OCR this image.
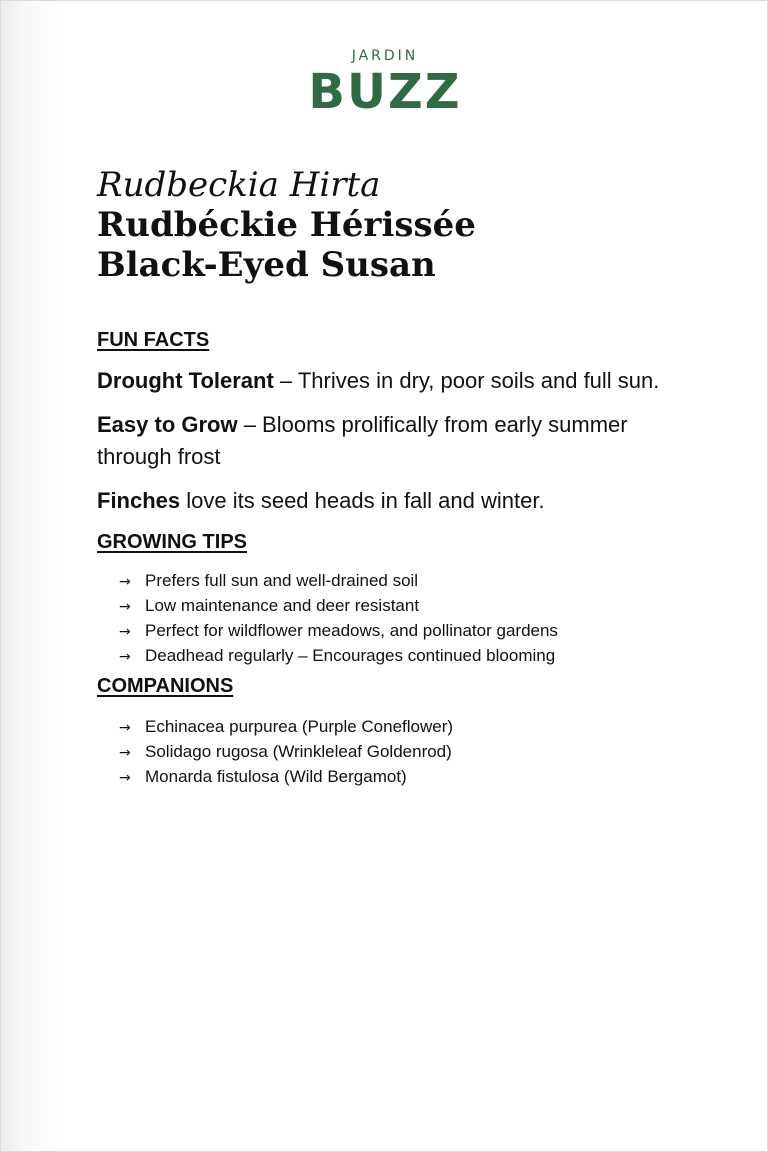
JARDIN
BUZZ
Rudbeckia Hirta
Rudbéckie Hérissée
Black-Eyed Susan
FUN FACTS

Drought Tolerant – Thrives in dry, poor soils and full sun.

Easy to Grow – Blooms prolifically from early summer through frost

Finches love its seed heads in fall and winter.

GROWING TIPS
→ Prefers full sun and well-drained soil
→ Low maintenance and deer resistant
→ Perfect for wildflower meadows, and pollinator gardens
→ Deadhead regularly – Encourages continued blooming
COMPANIONS
→ Echinacea purpurea (Purple Coneflower)
→ Solidago rugosa (Wrinkleleaf Goldenrod)
→ Monarda fistulosa (Wild Bergamot)
